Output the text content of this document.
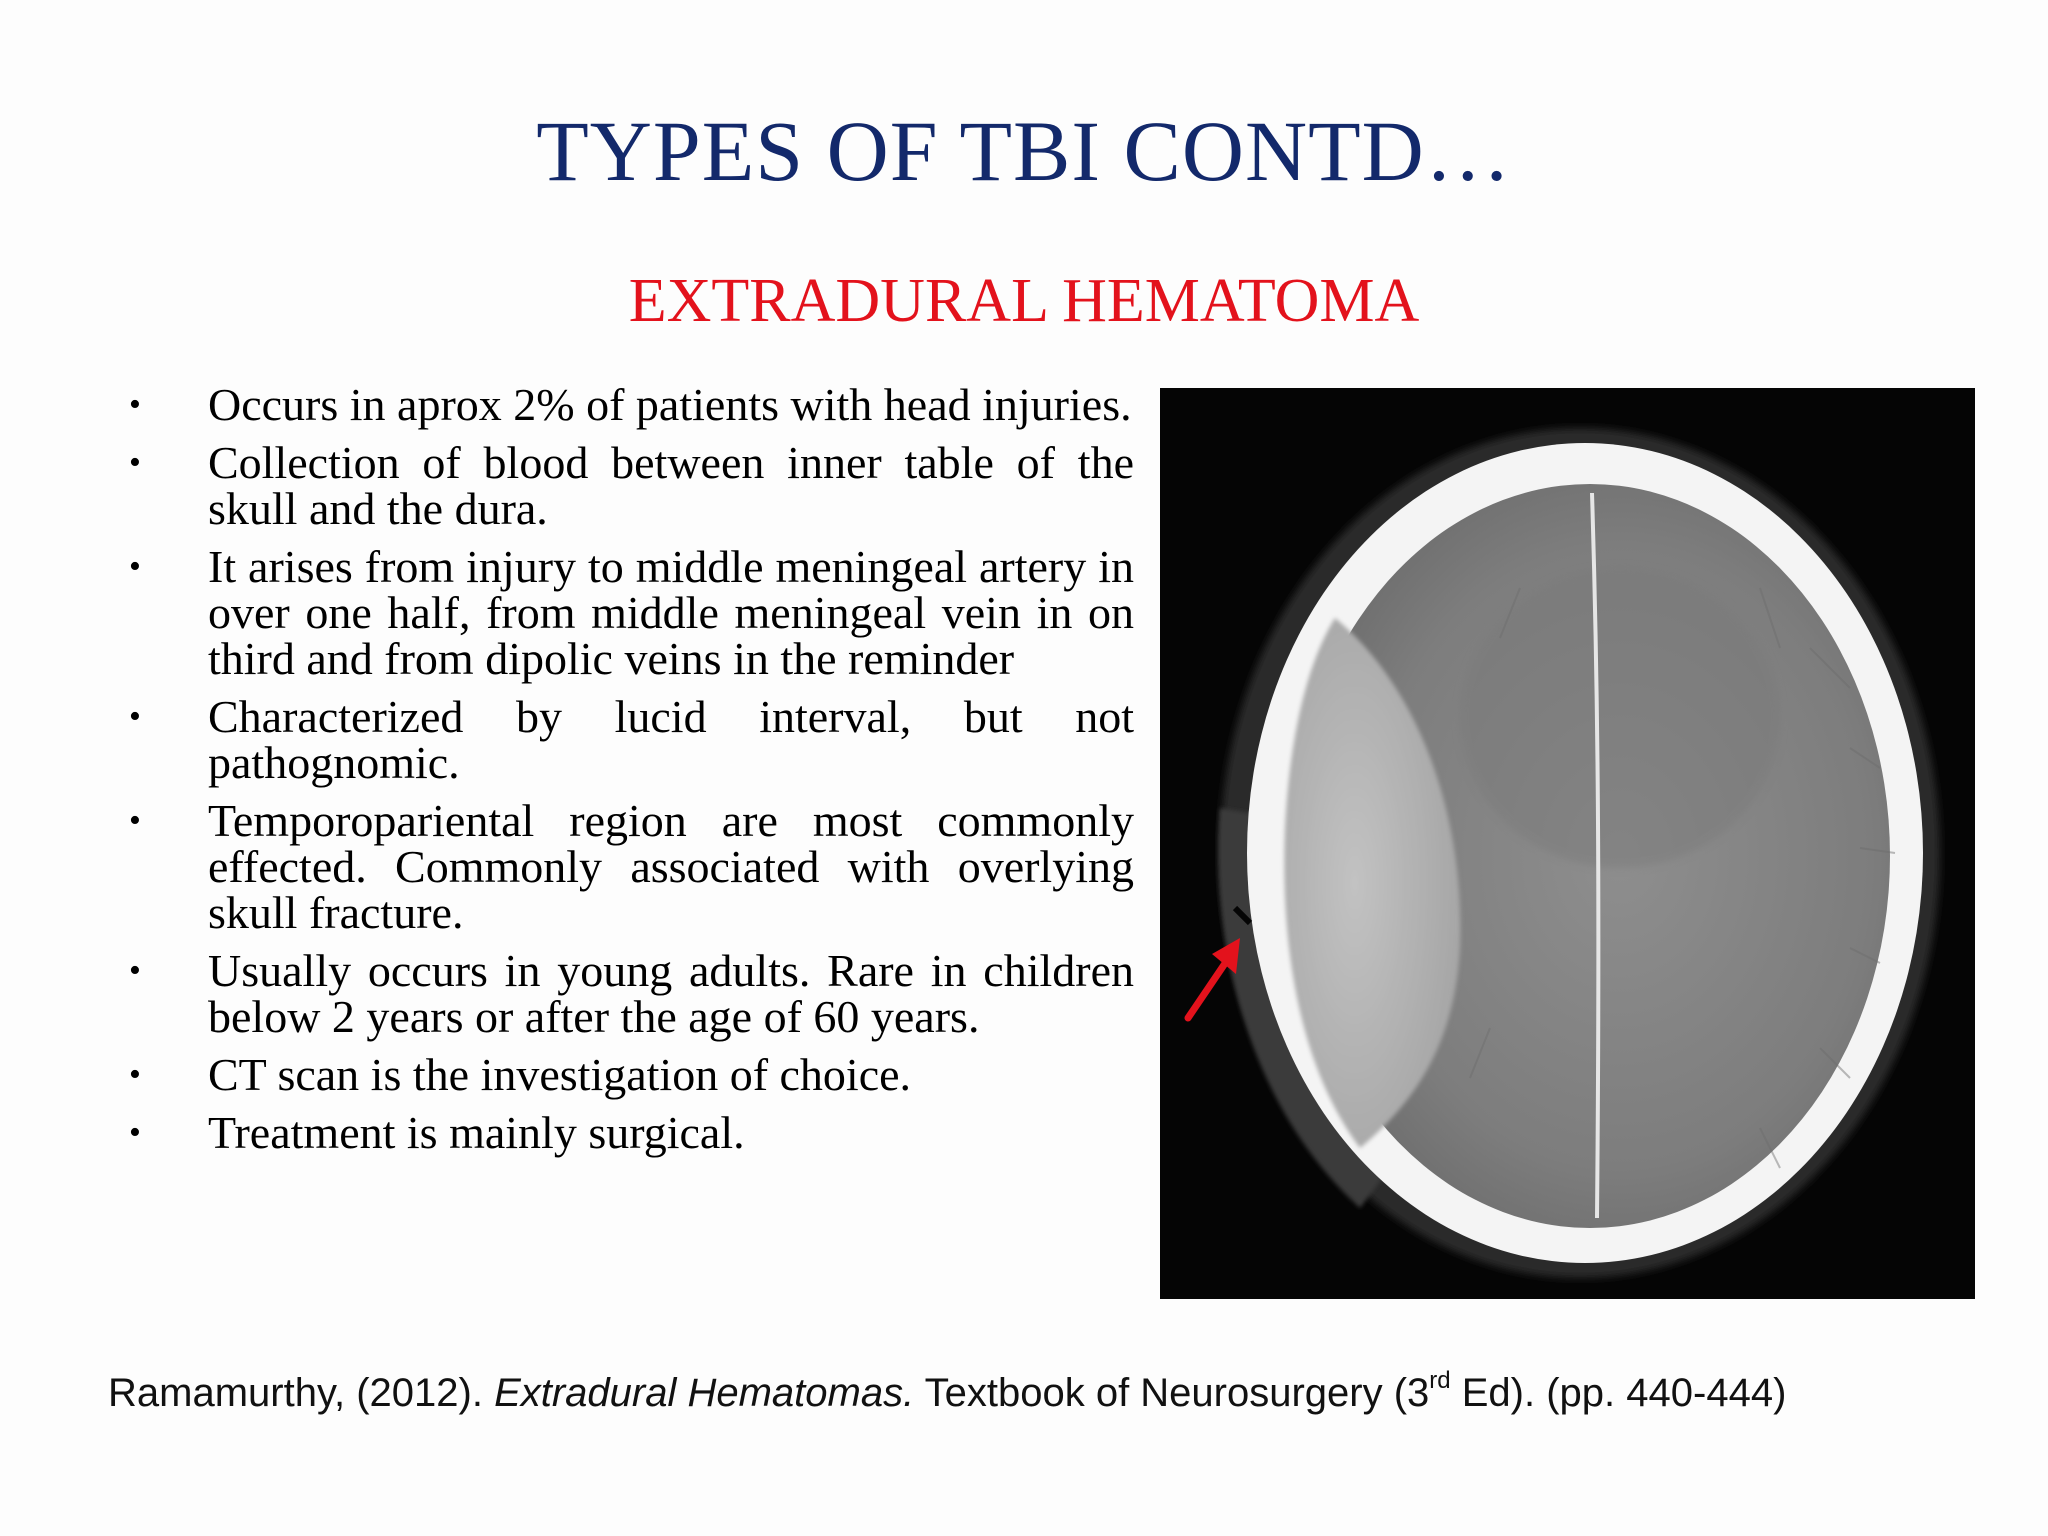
TYPES OF TBI CONTD…
EXTRADURAL HEMATOMA
• Occurs in aprox 2% of patients with head injuries.
• Collection of blood between inner table of the skull and the dura.
• It arises from injury to middle meningeal artery in over one half, from middle meningeal vein in on third and from dipolic veins in the reminder
• Characterized by lucid interval, but not pathognomic.
• Temporopariental region are most commonly effected. Commonly associated with overlying skull fracture.
• Usually occurs in young adults. Rare in children below 2 years or after the age of 60 years.
• CT scan is the investigation of choice.
• Treatment is mainly surgical.
Ramamurthy, (2012). Extradural Hematomas. Textbook of Neurosurgery (3rd Ed). (pp. 440-444)
